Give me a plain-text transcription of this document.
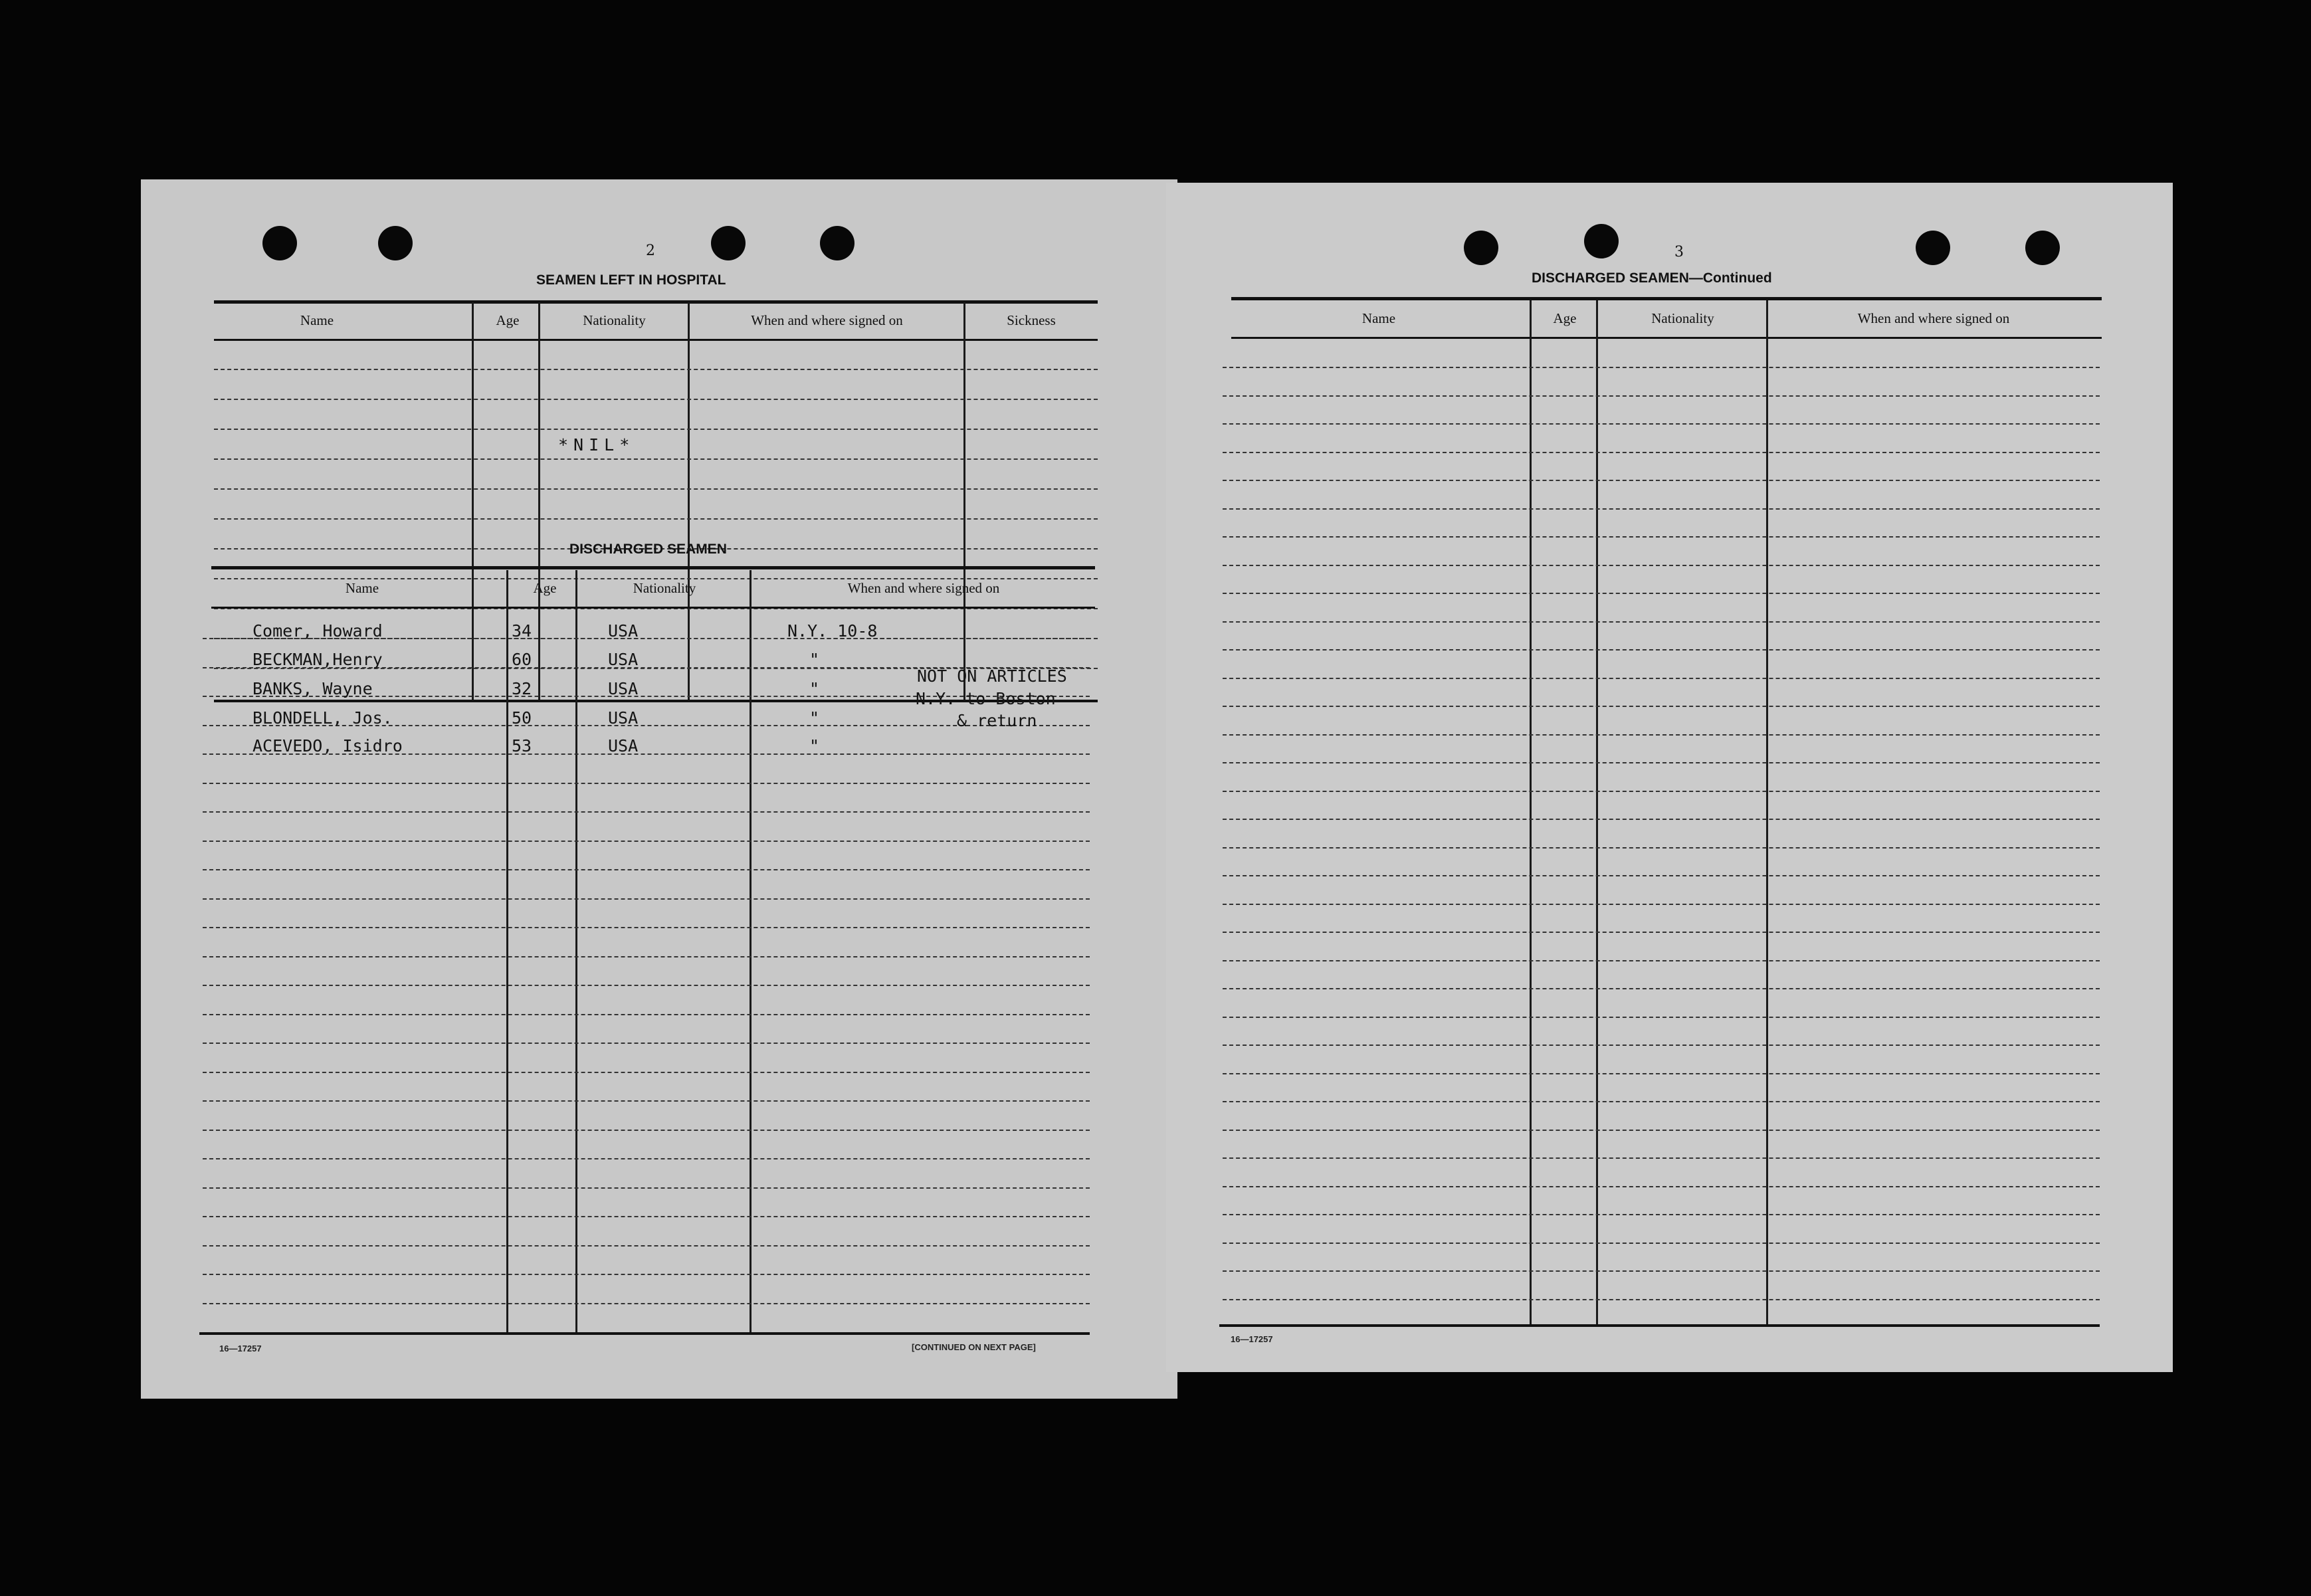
2
SEAMEN LEFT IN HOSPITAL
Name	Age	Nationality	When and where signed on	Sickness
*NIL*
DISCHARGED SEAMEN
Name	Age	Nationality	When and where signed on
Comer, Howard	34	USA	N.Y. 10-8
BECKMAN,Henry	60	USA	"
BANKS, Wayne	32	USA	"
BLONDELL, Jos.	50	USA	"
ACEVEDO, Isidro	53	USA	"
NOT ON ARTICLES
N.Y. to Boston
& return
16—17257	[CONTINUED ON NEXT PAGE]
3
DISCHARGED SEAMEN—Continued
Name	Age	Nationality	When and where signed on
16—17257
